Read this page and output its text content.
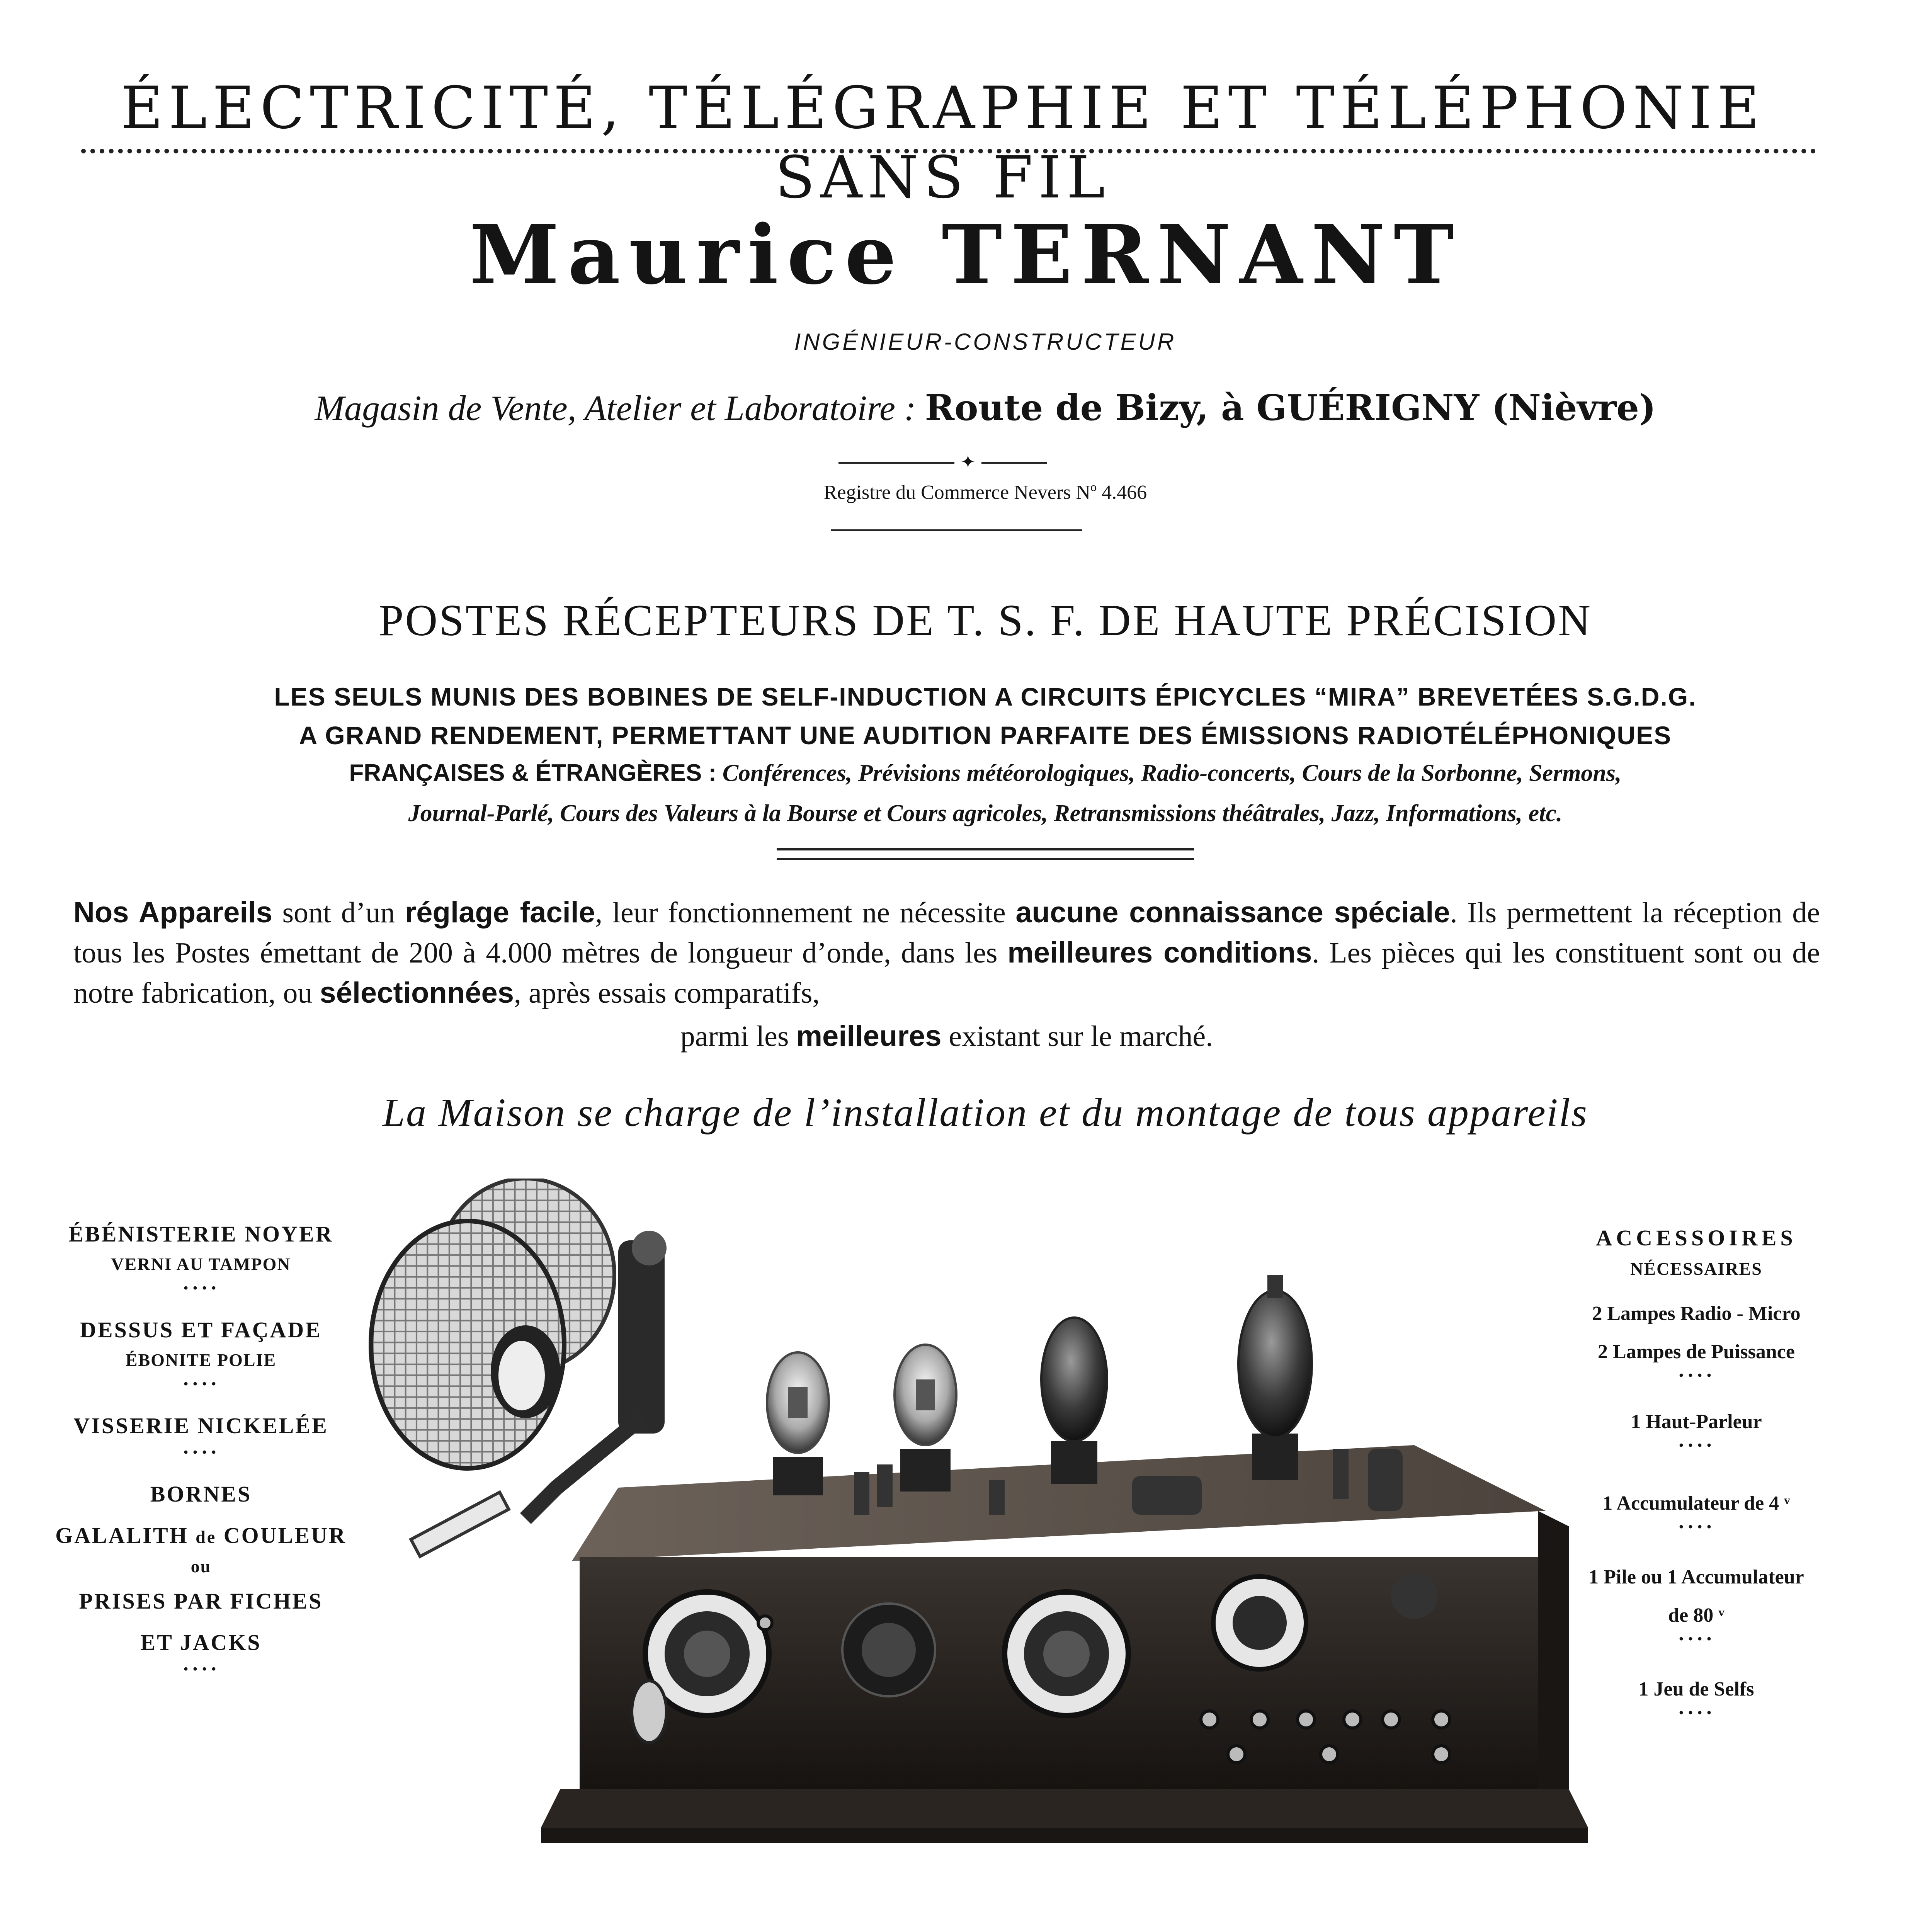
ÉLECTRICITÉ, TÉLÉGRAPHIE ET TÉLÉPHONIE SANS FIL
Maurice TERNANT
INGÉNIEUR-CONSTRUCTEUR
Magasin de Vente, Atelier et Laboratoire : Route de Bizy, à GUÉRIGNY (Nièvre)
✦
Registre du Commerce Nevers Nº 4.466
POSTES RÉCEPTEURS DE T. S. F. DE HAUTE PRÉCISION
LES SEULS MUNIS DES BOBINES DE SELF-INDUCTION A CIRCUITS ÉPICYCLES “MIRA” BREVETÉES S.G.D.G.
A GRAND RENDEMENT, PERMETTANT UNE AUDITION PARFAITE DES ÉMISSIONS RADIOTÉLÉPHONIQUES
FRANÇAISES & ÉTRANGÈRES : Conférences, Prévisions météorologiques, Radio-concerts, Cours de la Sorbonne, Sermons,
Journal-Parlé, Cours des Valeurs à la Bourse et Cours agricoles, Retransmissions théâtrales, Jazz, Informations, etc.
Nos Appareils sont d’un réglage facile, leur fonctionnement ne nécessite aucune connaissance spéciale. Ils permettent la réception de tous les Postes émettant de 200 à 4.000 mètres de longueur d’onde, dans les meilleures conditions. Les pièces qui les constituent sont ou de notre fabrication, ou sélectionnées, après essais comparatifs,
parmi les meilleures existant sur le marché.
La Maison se charge de l’installation et du montage de tous appareils
ÉBÉNISTERIE NOYER
VERNI AU TAMPON
····
DESSUS ET FAÇADE
ÉBONITE POLIE
····
VISSERIE NICKELÉE
····
BORNES
GALALITH de COULEUR
ou
PRISES PAR FICHES
ET JACKS
····
ACCESSOIRES
NÉCESSAIRES
2 Lampes Radio - Micro
2 Lampes de Puissance
····
1 Haut-Parleur
····
1 Accumulateur de 4 ᵛ
····
1 Pile ou 1 Accumulateur
de 80 ᵛ
····
1 Jeu de Selfs
····
